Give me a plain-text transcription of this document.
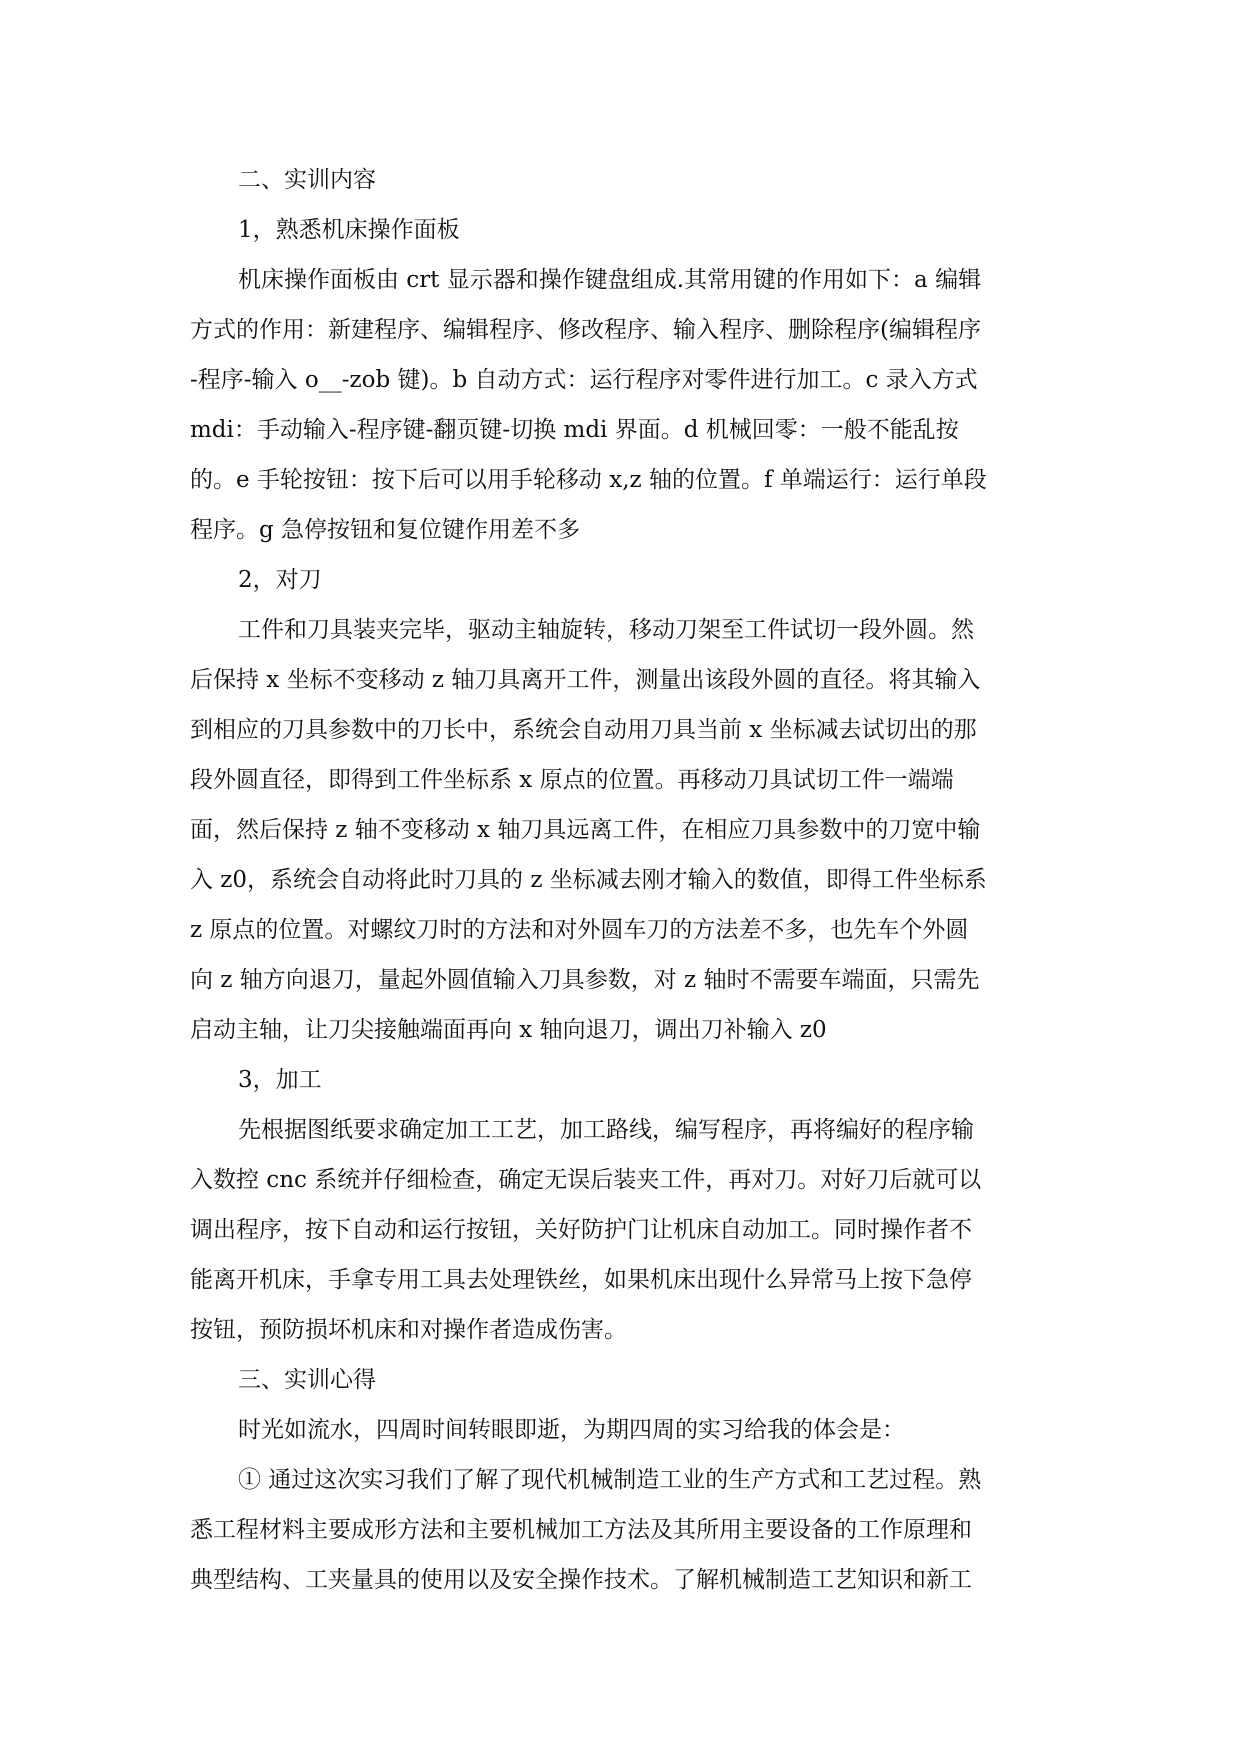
二、实训内容
1，熟悉机床操作面板
机床操作面板由 crt 显示器和操作键盘组成.其常用键的作用如下：a 编辑
方式的作用：新建程序、编辑程序、修改程序、输入程序、删除程序(编辑程序
-程序-输入 o__-zob 键)。b 自动方式：运行程序对零件进行加工。c 录入方式
mdi：手动输入-程序键-翻页键-切换 mdi 界面。d 机械回零：一般不能乱按
的。e 手轮按钮：按下后可以用手轮移动 x,z 轴的位置。f 单端运行：运行单段
程序。g 急停按钮和复位键作用差不多
2，对刀
工件和刀具装夹完毕，驱动主轴旋转，移动刀架至工件试切一段外圆。然
后保持 x 坐标不变移动 z 轴刀具离开工件，测量出该段外圆的直径。将其输入
到相应的刀具参数中的刀长中，系统会自动用刀具当前 x 坐标减去试切出的那
段外圆直径，即得到工件坐标系 x 原点的位置。再移动刀具试切工件一端端
面，然后保持 z 轴不变移动 x 轴刀具远离工件，在相应刀具参数中的刀宽中输
入 z0，系统会自动将此时刀具的 z 坐标减去刚才输入的数值，即得工件坐标系
z 原点的位置。对螺纹刀时的方法和对外圆车刀的方法差不多，也先车个外圆
向 z 轴方向退刀，量起外圆值输入刀具参数，对 z 轴时不需要车端面，只需先
启动主轴，让刀尖接触端面再向 x 轴向退刀，调出刀补输入 z0
3，加工
先根据图纸要求确定加工工艺，加工路线，编写程序，再将编好的程序输
入数控 cnc 系统并仔细检查，确定无误后装夹工件，再对刀。对好刀后就可以
调出程序，按下自动和运行按钮，关好防护门让机床自动加工。同时操作者不
能离开机床，手拿专用工具去处理铁丝，如果机床出现什么异常马上按下急停
按钮，预防损坏机床和对操作者造成伤害。
三、实训心得
时光如流水，四周时间转眼即逝，为期四周的实习给我的体会是：
① 通过这次实习我们了解了现代机械制造工业的生产方式和工艺过程。熟
悉工程材料主要成形方法和主要机械加工方法及其所用主要设备的工作原理和
典型结构、工夹量具的使用以及安全操作技术。了解机械制造工艺知识和新工
